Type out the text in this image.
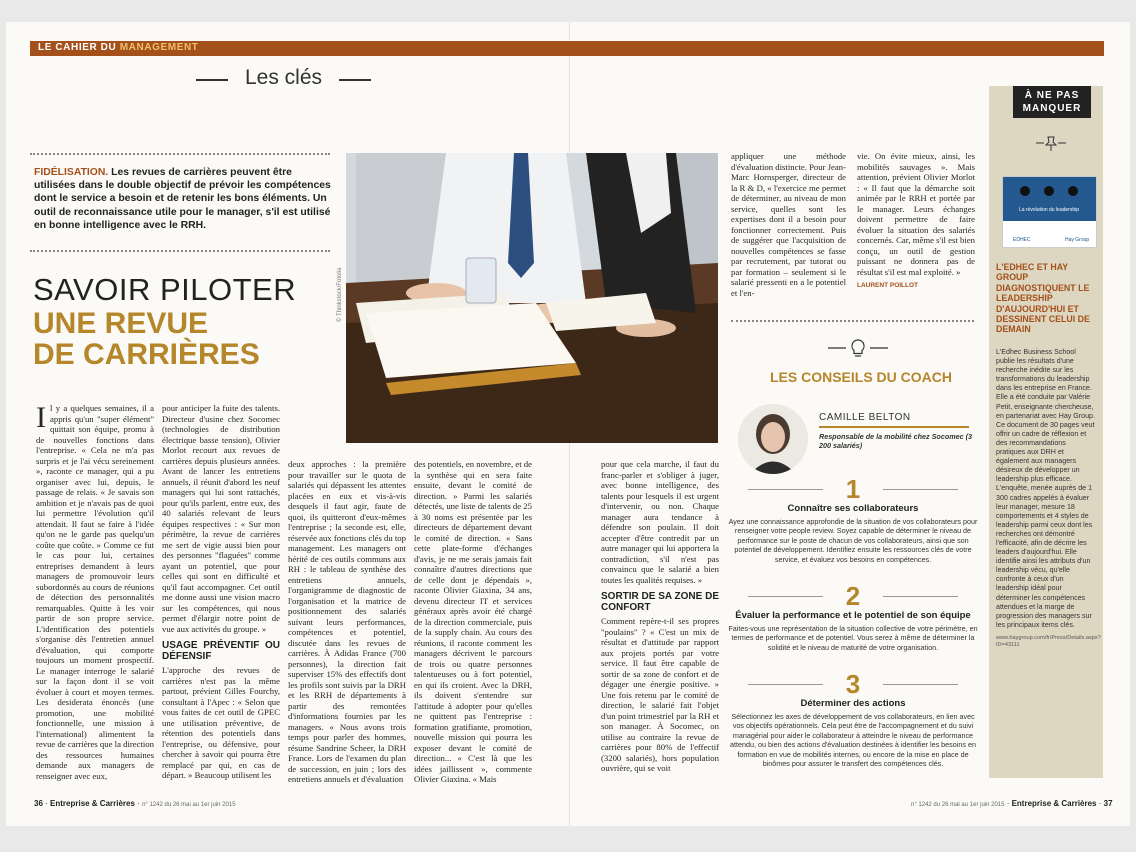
LE CAHIER DU MANAGEMENT
Les clés
FIDÉLISATION. Les revues de carrières peuvent être utilisées dans le double objectif de prévoir les compétences dont le service a besoin et de retenir les bons éléments. Un outil de reconnaissance utile pour le manager, s'il est utilisé en bonne intelligence avec le RRH.
SAVOIR PILOTER
UNE REVUE
DE CARRIÈRES
© Thinkstock/Fotolia
I l y a quelques semaines, il a appris qu'un "super élément" quittait son équipe, promu à de nouvelles fonctions dans l'entreprise. « Cela ne m'a pas surpris et je l'ai vécu sereinement », raconte ce manager, qui a pu organiser avec lui, depuis, le passage de relais. « Je savais son ambition et je n'avais pas de quoi lui permettre l'évolution qu'il attendait. Il faut se faire à l'idée qu'on ne le garde pas quelqu'un coûte que coûte. » Comme ce fut le cas pour lui, certaines entreprises demandent à leurs managers de promouvoir leurs subordonnés au cours de réunions de détection des personnalités remarquables. Quitte à les voir partir de son propre service. L'identification des potentiels s'organise dès l'entretien annuel d'évaluation, qui comporte toujours un moment prospectif. Le manager interroge le salarié sur la façon dont il se voit évoluer à court et moyen termes. Les desiderata énoncés (une promotion, une mobilité fonctionnelle, une mission à l'international) alimentent la revue de carrières que la direction des ressources humaines demande aux managers de renseigner avec eux,

pour anticiper la fuite des talents. Directeur d'usine chez Socomec (technologies de distribution électrique basse tension), Olivier Morlot recourt aux revues de carrières depuis plusieurs années. Avant de lancer les entretiens annuels, il réunit d'abord les neuf managers qui lui sont rattachés, pour qu'ils parlent, entre eux, des 40 salariés relevant de leurs équipes respectives : « Sur mon périmètre, la revue de carrières me sert de vigie aussi bien pour des personnes "flaguées" comme ayant un potentiel, que pour celles qui sont en difficulté et qu'il faut accompagner. Cet outil me donne aussi une vision macro sur les compétences, qui nous permet d'élargir notre point de vue aux activités du groupe. »

USAGE PRÉVENTIF OU DÉFENSIF

L'approche des revues de carrières n'est pas la même partout, prévient Gilles Fourchy, consultant à l'Apec : « Selon que vous faites de cet outil de GPEC une utilisation préventive, de rétention des potentiels dans l'entreprise, ou défensive, pour chercher à savoir qui pourra être remplacé par qui, en cas de départ. » Beaucoup utilisent les

deux approches : la première pour travailler sur le quota de salariés qui dépassent les attentes placées en eux et vis-à-vis desquels il faut agir, faute de quoi, ils quitteront d'eux-mêmes l'entreprise ; la seconde est, elle, réservée aux fonctions clés du top management. Les managers ont hérité de ces outils communs aux RH : le tableau de synthèse des entretiens annuels, l'organigramme de diagnostic de l'organisation et la matrice de positionnement des salariés suivant leurs performances, compétences et potentiel, discutée dans les revues de carrières. À Adidas France (700 personnes), la direction fait superviser 15% des effectifs dont les profils sont suivis par la DRH et les RRH de départements à partir des remontées d'informations fournies par les managers. « Nous avons trois temps pour parler des hommes, résume Sandrine Scheer, la DRH France. Lors de l'examen du plan de succession, en juin ; lors des entretiens annuels et d'évaluation

des potentiels, en novembre, et de la synthèse qui en sera faite ensuite, devant le comité de direction. » Parmi les salariés détectés, une liste de talents de 25 à 30 noms est présentée par les directeurs de département devant le comité de direction. « Sans cette plate-forme d'échanges d'avis, je ne me serais jamais fait connaître d'autres directions que de celle dont je dépendais », raconte Olivier Giaxina, 34 ans, devenu directeur IT et services généraux après avoir été chargé de la direction commerciale, puis de la supply chain. Au cours des réunions, il raconte comment les managers décrivent le parcours de trois ou quatre personnes talentueuses ou à fort potentiel, en qui ils croient. Avec la DRH, ils doivent s'entendre sur l'attitude à adopter pour qu'elles ne quittent pas l'entreprise : formation gratifiante, promotion, nouvelle mission qui pourra les exposer devant le comité de direction... « C'est là que les idées jaillissent », commente Olivier Giaxina. « Mais

pour que cela marche, il faut du franc-parler et s'obliger à juger, avec bonne intelligence, des talents pour lesquels il est urgent d'intervenir, ou non. Chaque manager aura tendance à défendre son poulain. Il doit accepter d'être contredit par un autre manager qui lui apportera la contradiction, s'il n'est pas convaincu que le salarié a bien toutes les qualités requises. »

SORTIR DE SA ZONE DE CONFORT

Comment repère-t-il ses propres "poulains" ? « C'est un mix de résultat et d'attitude par rapport aux projets portés par votre service. Il faut être capable de sortir de sa zone de confort et de dégager une énergie positive. » Une fois retenu par le comité de direction, le salarié fait l'objet d'un point trimestriel par la RH et son manager. À Socomec, on utilise au contraire la revue de carrières pour 80% de l'effectif (3200 salariés), hors population ouvrière, qui se voit

appliquer une méthode d'évaluation distincte. Pour Jean-Marc Hornsperger, directeur de la R & D, « l'exercice me permet de déterminer, au niveau de mon service, quelles sont les expertises dont il a besoin pour fonctionner correctement. Puis de suggérer que l'acquisition de nouvelles compétences se fasse par recrutement, par tutorat ou par formation – seulement si le salarié pressenti en a le potentiel et l'en-

vie. On évite mieux, ainsi, les mobilités sauvages ». Mais attention, prévient Olivier Morlot : « Il faut que la démarche soit animée par le RRH et portée par le manager. Leurs échanges doivent permettre de faire évoluer la situation des salariés concernés. Car, même s'il est bien conçu, un outil de gestion puissant ne donnera pas de résultat s'il est mal exploité. »

LAURENT POILLOT
LES CONSEILS DU COACH
CAMILLE BELTON
Responsable de la mobilité chez Socomec (3 200 salariés)
1
Connaître ses collaborateurs
Ayez une connaissance approfondie de la situation de vos collaborateurs pour renseigner votre people review. Soyez capable de déterminer le niveau de performance sur le poste de chacun de vos collaborateurs, ainsi que son potentiel de développement. Identifiez ensuite les ressources clés de votre service, et évaluez vos besoins en compétences.
2
Évaluer la performance et le potentiel de son équipe
Faites-vous une représentation de la situation collective de votre périmètre, en termes de performance et de potentiel. Vous serez à même de déterminer la solidité et le niveau de maturité de votre organisation.
3
Déterminer des actions
Sélectionnez les axes de développement de vos collaborateurs, en lien avec vos objectifs opérationnels. Cela peut être de l'accompagnement et du suivi managérial pour aider le collaborateur à atteindre le niveau de performance attendu, ou bien des actions d'évaluation destinées à identifier les besoins en formation en vue de mobilités internes, ou encore de la mise en place de binômes pour assurer le transfert des compétences clés.
À NE PAS
MANQUER
La révolution du leadership
EDHEC	Hay Group
L'EDHEC ET HAY GROUP DIAGNOSTIQUENT LE LEADERSHIP D'AUJOURD'HUI ET DESSINENT CELUI DE DEMAIN
L'Edhec Business School publie les résultats d'une recherche inédite sur les transformations du leadership dans les entreprise en France. Elle a été conduite par Valérie Petit, enseignante chercheuse, en partenariat avec Hay Group. Ce document de 30 pages veut offrir un cadre de réflexion et des recommandations pratiques aux DRH et également aux managers désireux de développer un leadership plus efficace. L'enquête, menée auprès de 1 300 cadres appelés à évaluer leur manager, mesure 18 comportements et 4 styles de leadership parmi ceux dont les recherches ont démontré l'efficacité, afin de décrire les leaders d'aujourd'hui. Elle identifie ainsi les attributs d'un leadership vécu, qu'elle confronte à ceux d'un leadership idéal pour déterminer les compétences attendues et la marge de progression des managers sur les principaux items clés.
www.haygroup.com/fr/Press/Details.aspx?ID=43111
36 · Entreprise & Carrières · n° 1242 du 26 mai au 1er juin 2015	n° 1242 du 26 mai au 1er juin 2015 · Entreprise & Carrières · 37
